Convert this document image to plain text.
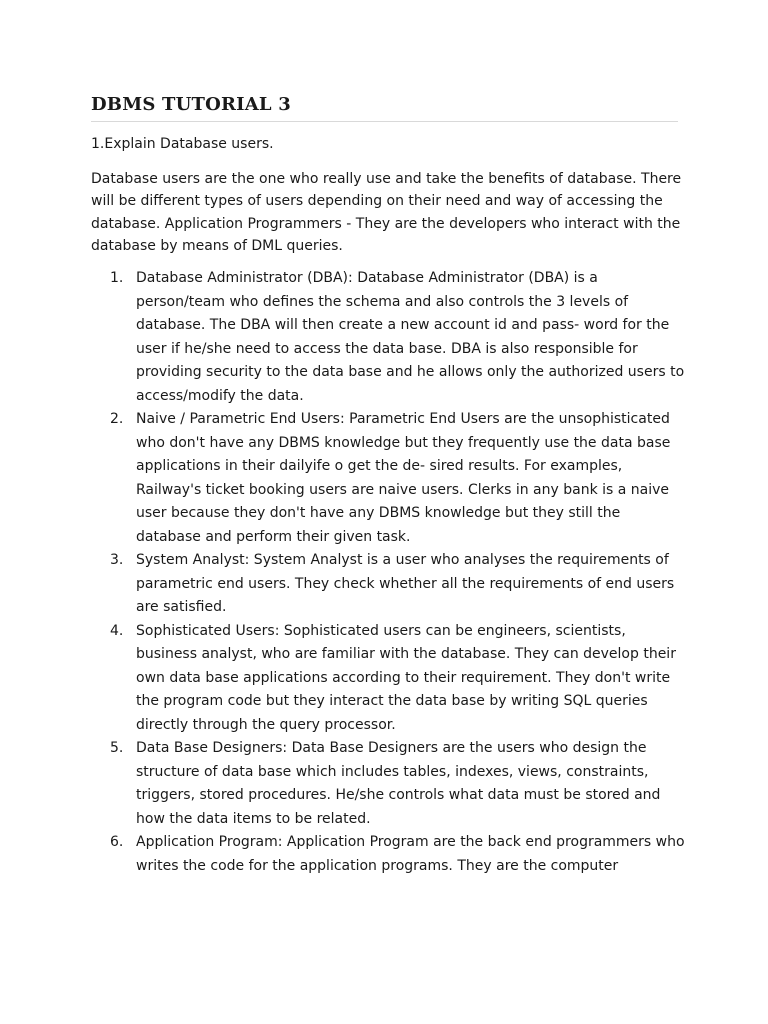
DBMS TUTORIAL 3

1.Explain Database users.

Database users are the one who really use and take the benefits of database. There will be different types of users depending on their need and way of accessing the database. Application Programmers - They are the developers who interact with the database by means of DML queries.

1. Database Administrator (DBA): Database Administrator (DBA) is a person/team who defines the schema and also controls the 3 levels of database. The DBA will then create a new account id and pass- word for the user if he/she need to access the data base. DBA is also responsible for providing security to the data base and he allows only the authorized users to access/modify the data.
2. Naive / Parametric End Users: Parametric End Users are the unsophisticated who don't have any DBMS knowledge but they frequently use the data base applications in their dailyife o get the de- sired results. For examples, Railway's ticket booking users are naive users. Clerks in any bank is a naive user because they don't have any DBMS knowledge but they still the database and perform their given task.
3. System Analyst: System Analyst is a user who analyses the requirements of parametric end users. They check whether all the requirements of end users are satisfied.
4. Sophisticated Users: Sophisticated users can be engineers, scientists, business analyst, who are familiar with the database. They can develop their own data base applications according to their requirement. They don't write the program code but they interact the data base by writing SQL queries directly through the query processor.
5. Data Base Designers: Data Base Designers are the users who design the structure of data base which includes tables, indexes, views, constraints, triggers, stored procedures. He/she controls what data must be stored and how the data items to be related.
6. Application Program: Application Program are the back end programmers who writes the code for the application programs. They are the computer
